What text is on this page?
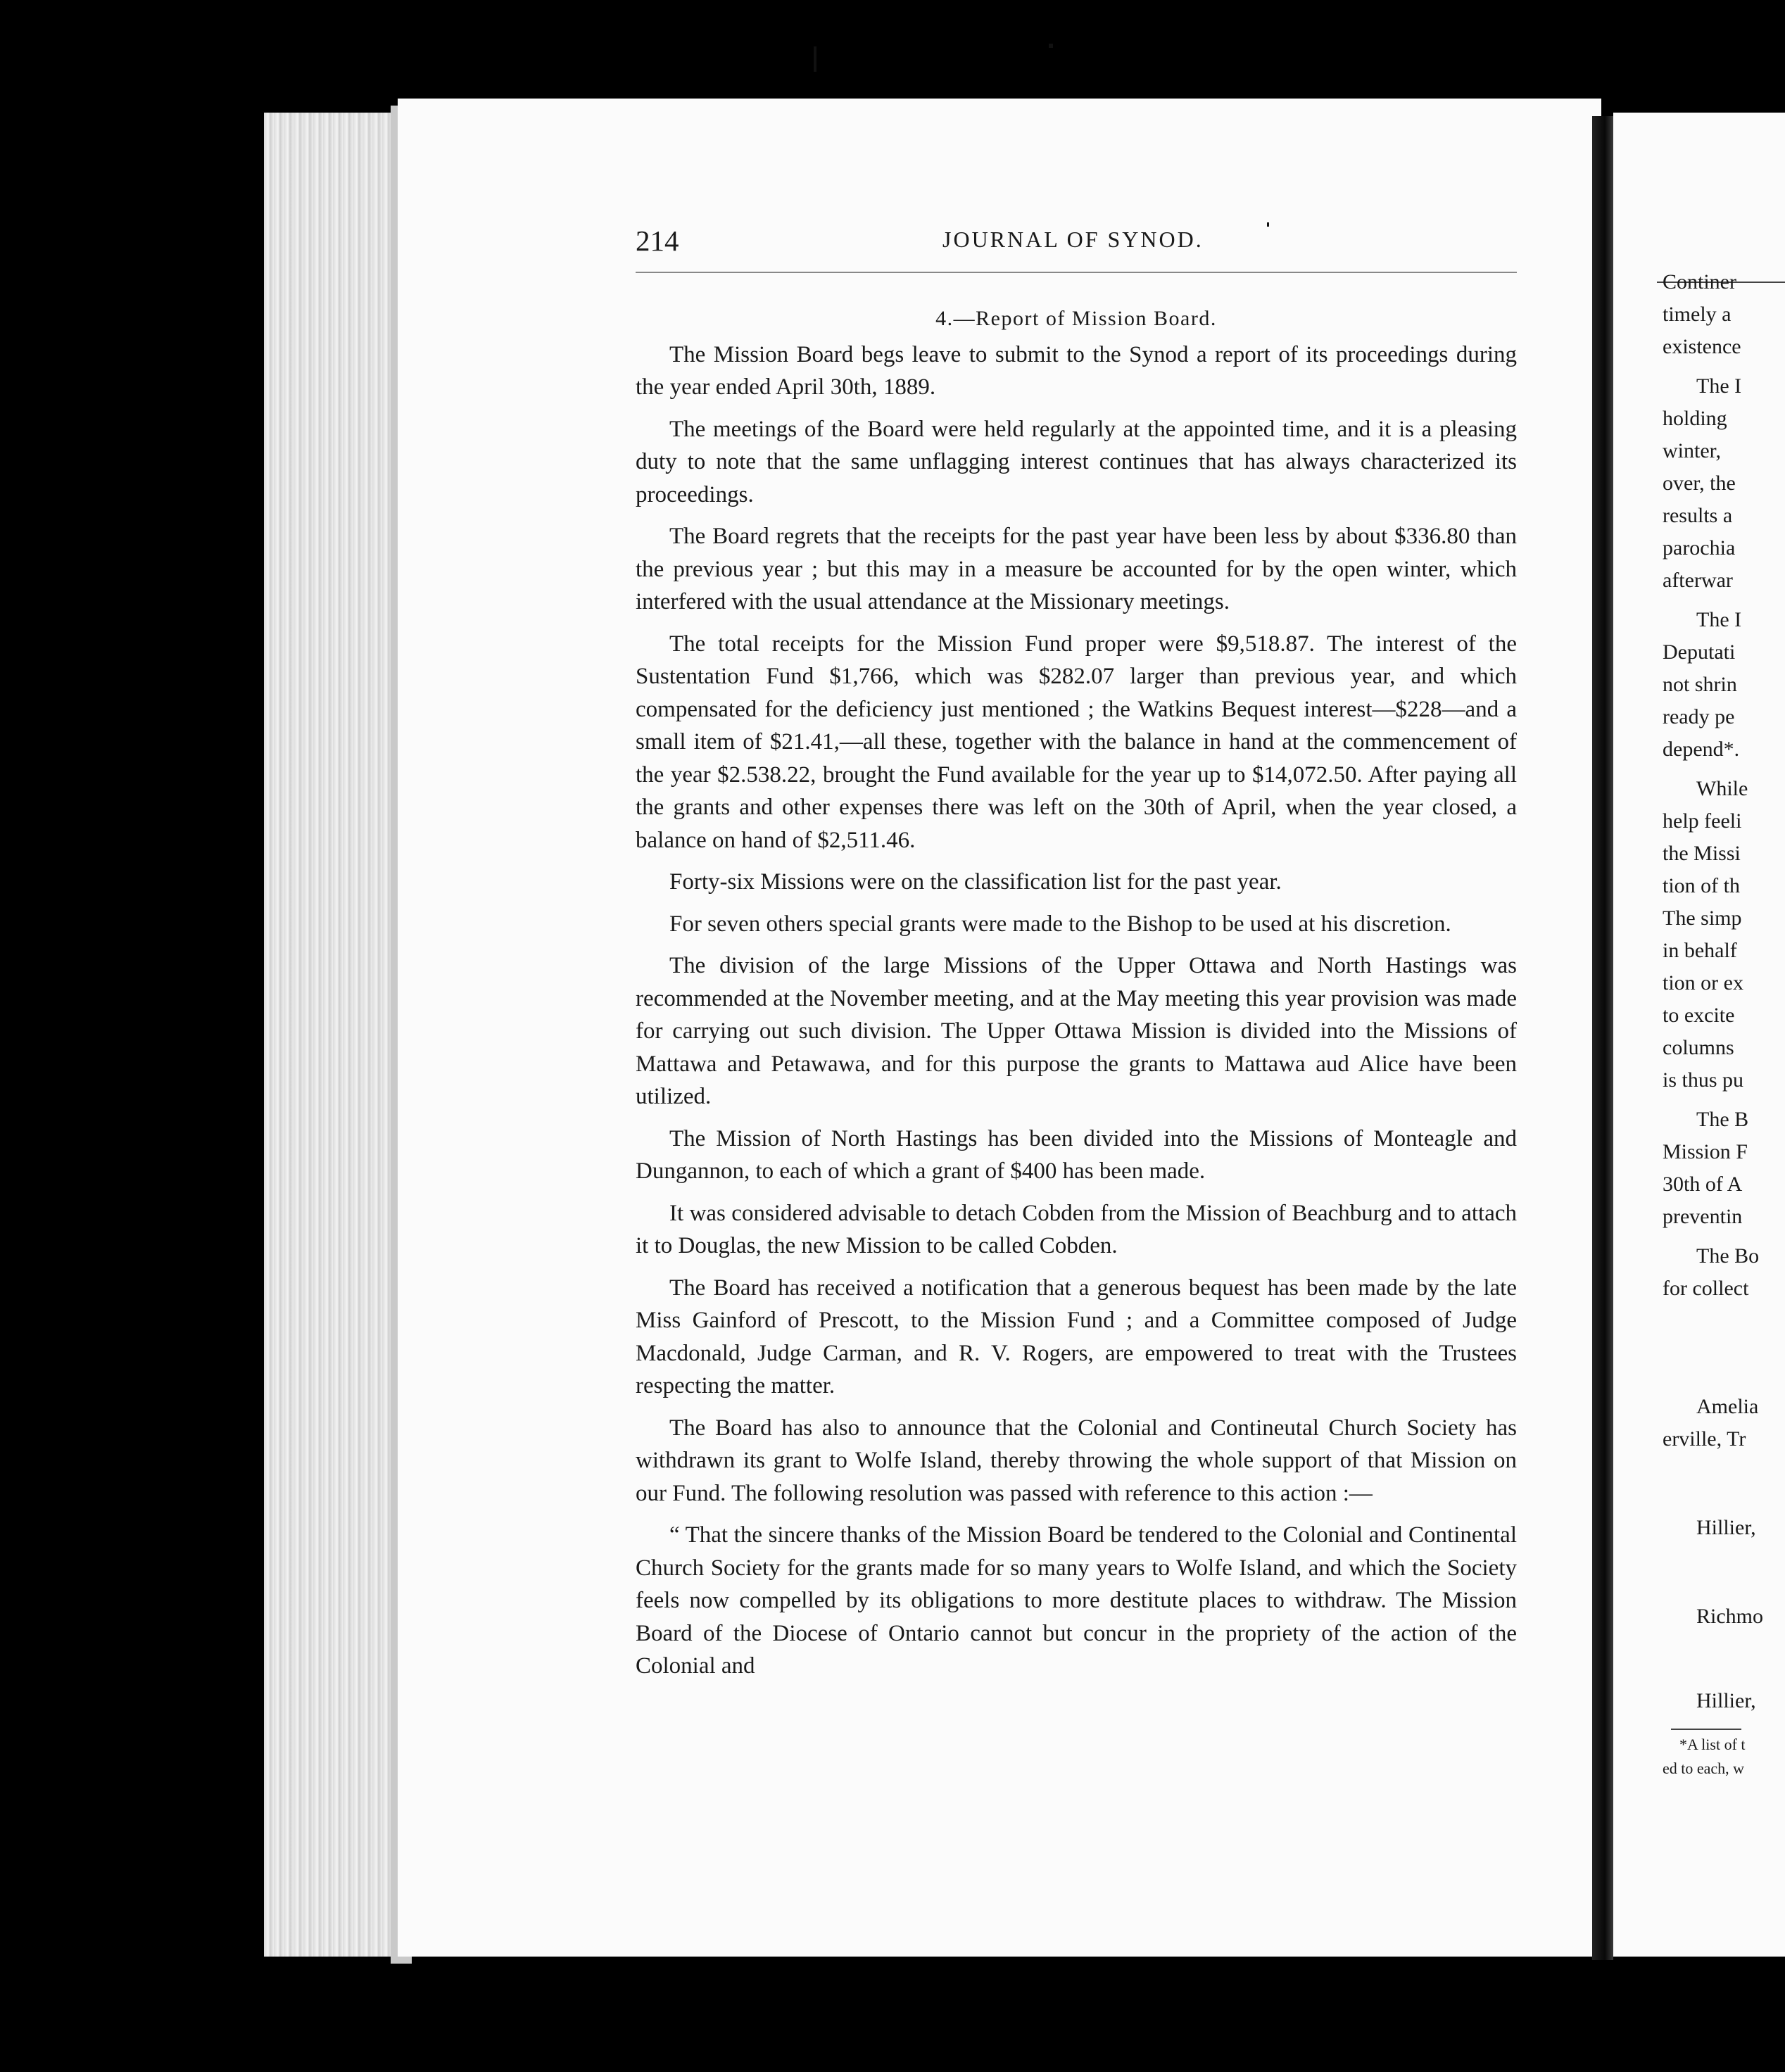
214	JOURNAL OF SYNOD.

4.—Report of Mission Board.

The Mission Board begs leave to submit to the Synod a report of its proceedings during the year ended April 30th, 1889.

The meetings of the Board were held regularly at the appointed time, and it is a pleasing duty to note that the same unflagging interest continues that has always characterized its proceedings.

The Board regrets that the receipts for the past year have been less by about $336.80 than the previous year ; but this may in a measure be accounted for by the open winter, which interfered with the usual attendance at the Missionary meetings.

The total receipts for the Mission Fund proper were $9,518.87. The interest of the Sustentation Fund $1,766, which was $282.07 larger than previous year, and which compensated for the deficiency just mentioned ; the Watkins Bequest interest—$228—and a small item of $21.41,—all these, together with the balance in hand at the commencement of the year $2.538.22, brought the Fund available for the year up to $14,072.50. After paying all the grants and other expenses there was left on the 30th of April, when the year closed, a balance on hand of $2,511.46.

Forty-six Missions were on the classification list for the past year.

For seven others special grants were made to the Bishop to be used at his discretion.

The division of the large Missions of the Upper Ottawa and North Hastings was recommended at the November meeting, and at the May meeting this year provision was made for carrying out such division. The Upper Ottawa Mission is divided into the Missions of Mattawa and Petawawa, and for this purpose the grants to Mattawa aud Alice have been utilized.

The Mission of North Hastings has been divided into the Missions of Monteagle and Dungannon, to each of which a grant of $400 has been made.

It was considered advisable to detach Cobden from the Mission of Beachburg and to attach it to Douglas, the new Mission to be called Cobden.

The Board has received a notification that a generous bequest has been made by the late Miss Gainford of Prescott, to the Mission Fund ; and a Committee composed of Judge Macdonald, Judge Carman, and R. V. Rogers, are empowered to treat with the Trustees respecting the matter.

The Board has also to announce that the Colonial and Contineutal Church Society has withdrawn its grant to Wolfe Island, thereby throwing the whole support of that Mission on our Fund. The following resolution was passed with reference to this action :—

“ That the sincere thanks of the Mission Board be tendered to the Colonial and Continental Church Society for the grants made for so many years to Wolfe Island, and which the Society feels now compelled by its obligations to more destitute places to withdraw. The Mission Board of the Diocese of Ontario cannot but concur in the propriety of the action of the Colonial and

Continer
timely a
existence
The I
holding
winter,
over, the
results a
parochia
afterwar
The I
Deputati
not shrin
ready pe
depend*.
While
help feeli
the Missi
tion of th
The simp
in behalf
tion or ex
to excite
columns
is thus pu
The B
Mission F
30th of A
preventin
The Bo
for collect
Amelia
erville, Tr
Hillier,
Richmo
Hillier,
*A list of t
ed to each, w
